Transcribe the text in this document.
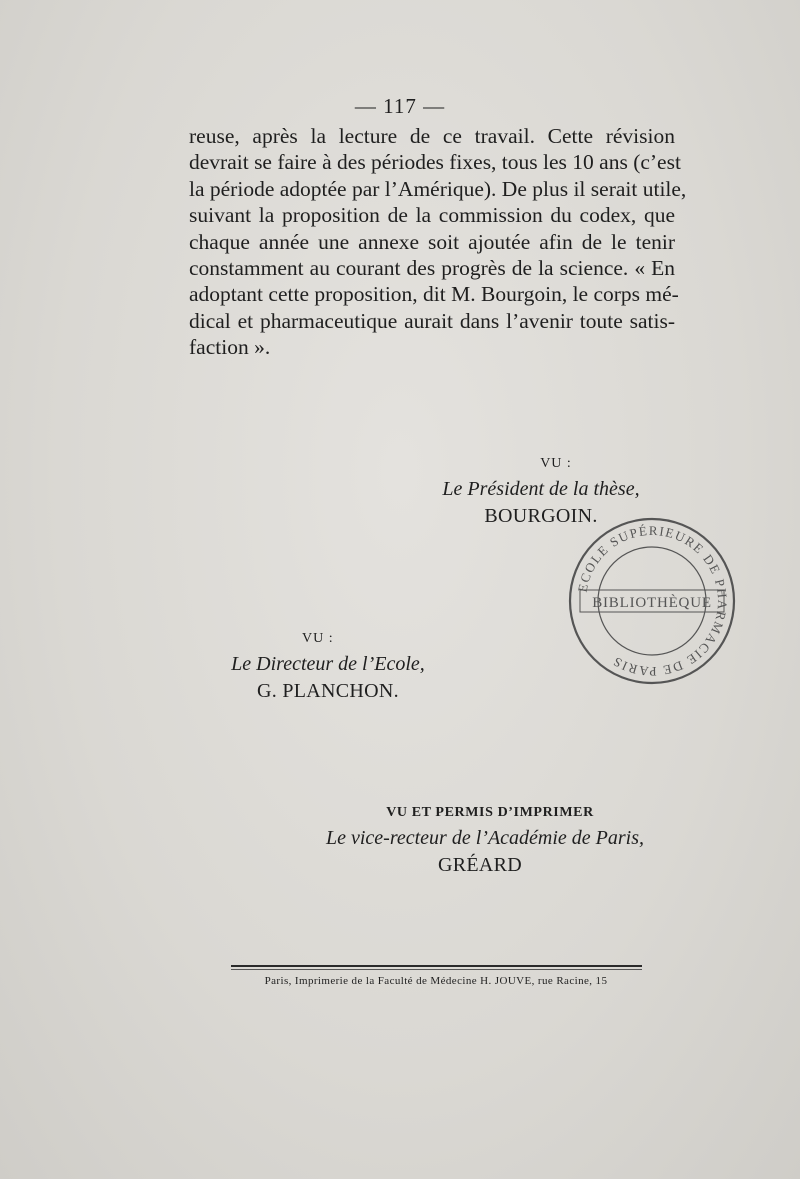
— 117 —
reuse, après la lecture de ce travail. Cette révision
devrait se faire à des périodes fixes, tous les 10 ans (c’est
la période adoptée par l’Amérique). De plus il serait utile,
suivant la proposition de la commission du codex, que
chaque année une annexe soit ajoutée afin de le tenir
constamment au courant des progrès de la science. « En
adoptant cette proposition, dit M. Bourgoin, le corps mé-
dical et pharmaceutique aurait dans l’avenir toute satis-
faction ».
VU :
Le Président de la thèse,
BOURGOIN.
ECOLE SUPÉRIEURE DE PHARMACIE DE PARIS
BIBLIOTHÈQUE
VU :
Le Directeur de l’Ecole,
G. PLANCHON.
VU ET PERMIS D’IMPRIMER
Le vice-recteur de l’Académie de Paris,
GRÉARD
Paris, Imprimerie de la Faculté de Médecine H. JOUVE, rue Racine, 15
